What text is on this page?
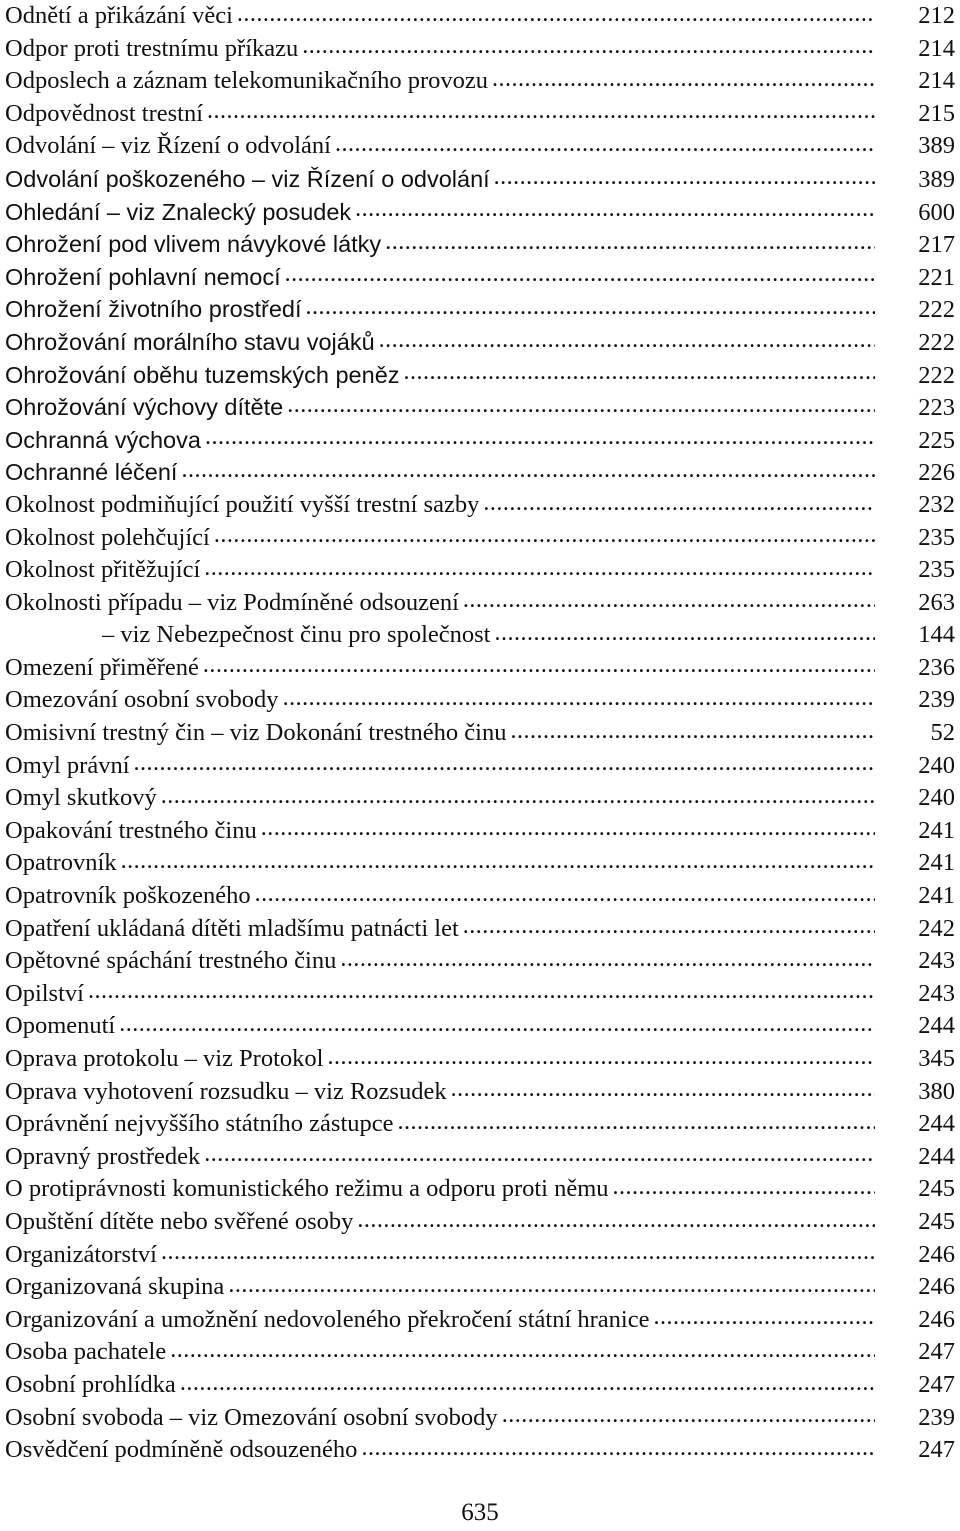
Odnětí a přikázání věci .....	212
Odpor proti trestnímu příkazu .....	214
Odposlech a záznam telekomunikačního provozu .....	214
Odpovědnost trestní .....	215
Odvolání – viz Řízení o odvolání .....	389
Odvolání poškozeného – viz Řízení o odvolání .....	389
Ohledání – viz Znalecký posudek .....	600
Ohrožení pod vlivem návykové látky .....	217
Ohrožení pohlavní nemocí .....	221
Ohrožení životního prostředí .....	222
Ohrožování morálního stavu vojáků .....	222
Ohrožování oběhu tuzemských peněz .....	222
Ohrožování výchovy dítěte .....	223
Ochranná výchova .....	225
Ochranné léčení .....	226
Okolnost podmiňující použití vyšší trestní sazby .....	232
Okolnost polehčující .....	235
Okolnost přitěžující .....	235
Okolnosti případu – viz Podmíněné odsouzení .....	263
– viz Nebezpečnost činu pro společnost .....	144
Omezení přiměřené .....	236
Omezování osobní svobody .....	239
Omisivní trestný čin – viz Dokonání trestného činu .....	52
Omyl právní .....	240
Omyl skutkový .....	240
Opakování trestného činu .....	241
Opatrovník .....	241
Opatrovník poškozeného .....	241
Opatření ukládaná dítěti mladšímu patnácti let .....	242
Opětovné spáchání trestného činu .....	243
Opilství .....	243
Opomenutí .....	244
Oprava protokolu – viz Protokol .....	345
Oprava vyhotovení rozsudku – viz Rozsudek .....	380
Oprávnění nejvyššího státního zástupce .....	244
Opravný prostředek .....	244
O protiprávnosti komunistického režimu a odporu proti němu .....	245
Opuštění dítěte nebo svěřené osoby .....	245
Organizátorství .....	246
Organizovaná skupina .....	246
Organizování a umožnění nedovoleného překročení státní hranice .....	246
Osoba pachatele .....	247
Osobní prohlídka .....	247
Osobní svoboda – viz Omezování osobní svobody .....	239
Osvědčení podmíněně odsouzeného .....	247
635
